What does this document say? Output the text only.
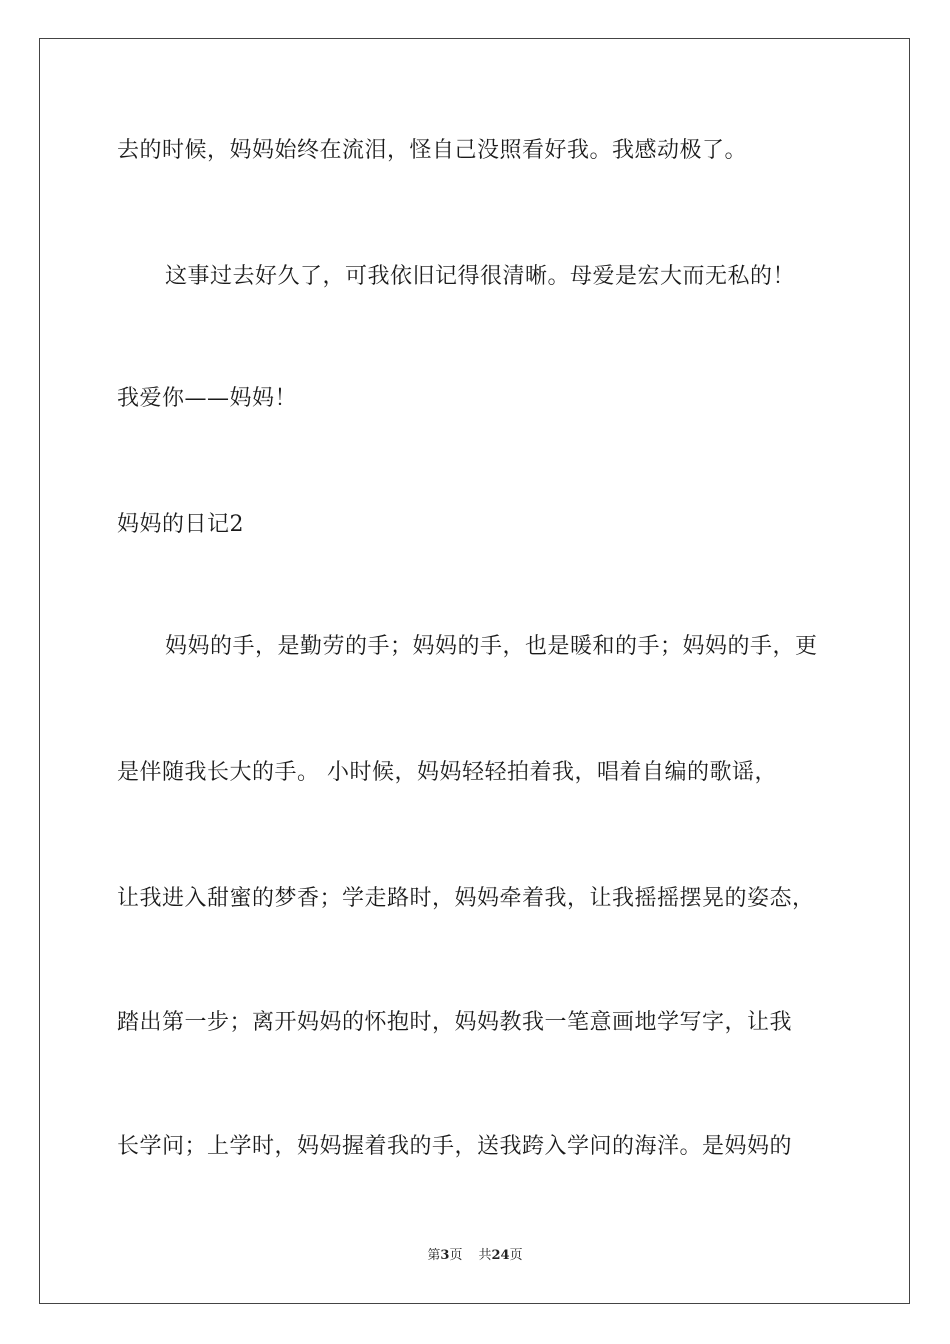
去的时候，妈妈始终在流泪，怪自己没照看好我。我感动极了。
这事过去好久了，可我依旧记得很清晰。母爱是宏大而无私的！
我爱你——妈妈！
妈妈的日记2
妈妈的手，是勤劳的手；妈妈的手，也是暖和的手；妈妈的手，更
是伴随我长大的手。 小时候，妈妈轻轻拍着我，唱着自编的歌谣，
让我进入甜蜜的梦香；学走路时，妈妈牵着我，让我摇摇摆晃的姿态，
踏出第一步；离开妈妈的怀抱时，妈妈教我一笔意画地学写字，让我
长学问；上学时，妈妈握着我的手，送我跨入学问的海洋。是妈妈的
第3页 共24页
